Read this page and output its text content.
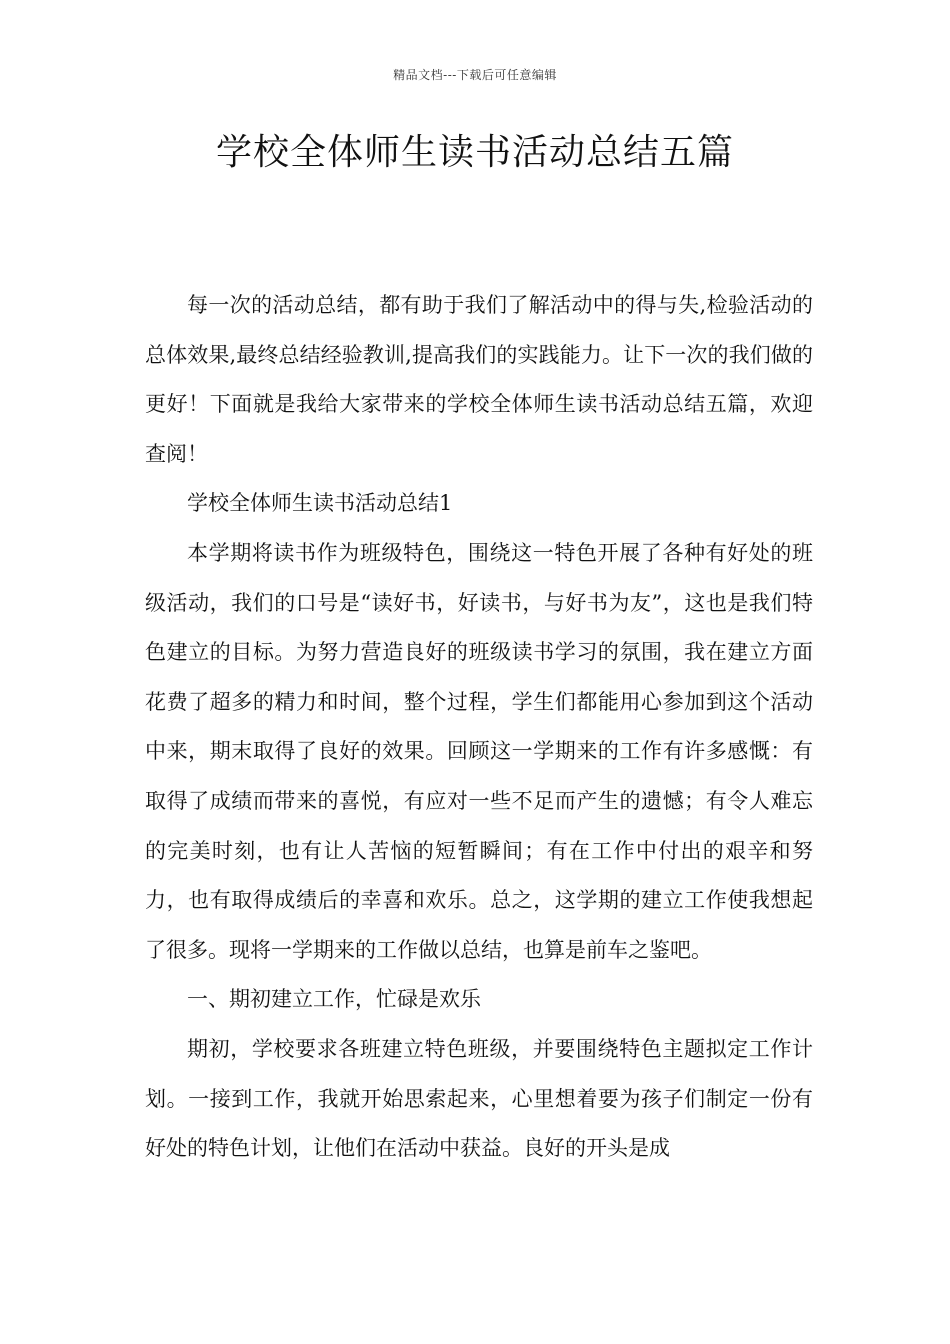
精品文档---下载后可任意编辑
学校全体师生读书活动总结五篇

每一次的活动总结，都有助于我们了解活动中的得与失,检验活动的总体效果,最终总结经验教训,提高我们的实践能力。让下一次的我们做的更好！下面就是我给大家带来的学校全体师生读书活动总结五篇，欢迎查阅！

学校全体师生读书活动总结1

本学期将读书作为班级特色，围绕这一特色开展了各种有好处的班级活动，我们的口号是“读好书，好读书，与好书为友”，这也是我们特色建立的目标。为努力营造良好的班级读书学习的氛围，我在建立方面花费了超多的精力和时间，整个过程，学生们都能用心参加到这个活动中来，期末取得了良好的效果。回顾这一学期来的工作有许多感慨：有取得了成绩而带来的喜悦，有应对一些不足而产生的遗憾；有令人难忘的完美时刻，也有让人苦恼的短暂瞬间；有在工作中付出的艰辛和努力，也有取得成绩后的幸喜和欢乐。总之，这学期的建立工作使我想起了很多。现将一学期来的工作做以总结，也算是前车之鉴吧。

一、期初建立工作，忙碌是欢乐

期初，学校要求各班建立特色班级，并要围绕特色主题拟定工作计划。一接到工作，我就开始思索起来，心里想着要为孩子们制定一份有好处的特色计划，让他们在活动中获益。良好的开头是成
